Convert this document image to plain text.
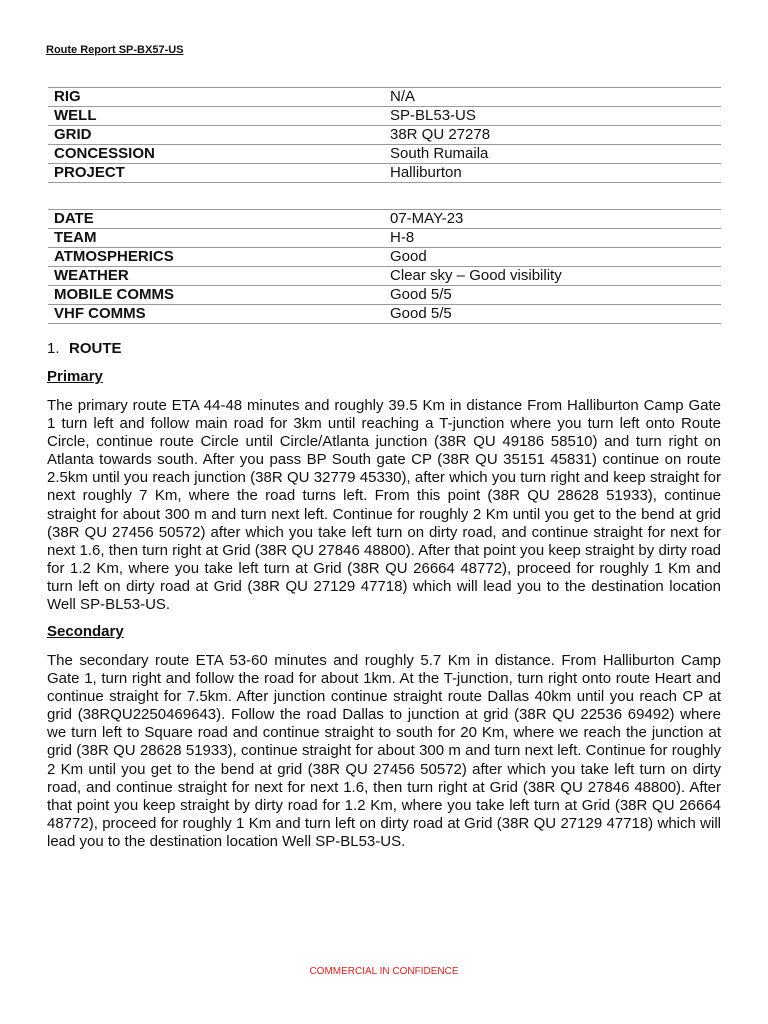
Route Report SP-BX57-US
RIG	N/A
WELL	SP-BL53-US
GRID	38R QU 27278
CONCESSION	South Rumaila
PROJECT	Halliburton
DATE	07-MAY-23
TEAM	H-8
ATMOSPHERICS	Good
WEATHER	Clear sky – Good visibility
MOBILE COMMS	Good 5/5
VHF COMMS	Good 5/5
1. ROUTE
Primary

The primary route ETA 44-48 minutes and roughly 39.5 Km in distance From Halliburton Camp Gate 1 turn left and follow main road for 3km until reaching a T-junction where you turn left onto Route Circle, continue route Circle until Circle/Atlanta junction (38R QU 49186 58510) and turn right on Atlanta towards south. After you pass BP South gate CP (38R QU 35151 45831) continue on route 2.5km until you reach junction (38R QU 32779 45330), after which you turn right and keep straight for next roughly 7 Km, where the road turns left. From this point (38R QU 28628 51933), continue straight for about 300 m and turn next left. Continue for roughly 2 Km until you get to the bend at grid (38R QU 27456 50572) after which you take left turn on dirty road, and continue straight for next for next 1.6, then turn right at Grid (38R QU 27846 48800). After that point you keep straight by dirty road for 1.2 Km, where you take left turn at Grid (38R QU 26664 48772), proceed for roughly 1 Km and turn left on dirty road at Grid (38R QU 27129 47718) which will lead you to the destination location Well SP-BL53-US.

Secondary

The secondary route ETA 53-60 minutes and roughly 5.7 Km in distance. From Halliburton Camp Gate 1, turn right and follow the road for about 1km. At the T-junction, turn right onto route Heart and continue straight for 7.5km. After junction continue straight route Dallas 40km until you reach CP at grid (38RQU2250469643). Follow the road Dallas to junction at grid (38R QU 22536 69492) where we turn left to Square road and continue straight to south for 20 Km, where we reach the junction at grid (38R QU 28628 51933), continue straight for about 300 m and turn next left. Continue for roughly 2 Km until you get to the bend at grid (38R QU 27456 50572) after which you take left turn on dirty road, and continue straight for next for next 1.6, then turn right at Grid (38R QU 27846 48800). After that point you keep straight by dirty road for 1.2 Km, where you take left turn at Grid (38R QU 26664 48772), proceed for roughly 1 Km and turn left on dirty road at Grid (38R QU 27129 47718) which will lead you to the destination location Well SP-BL53-US.

COMMERCIAL IN CONFIDENCE
